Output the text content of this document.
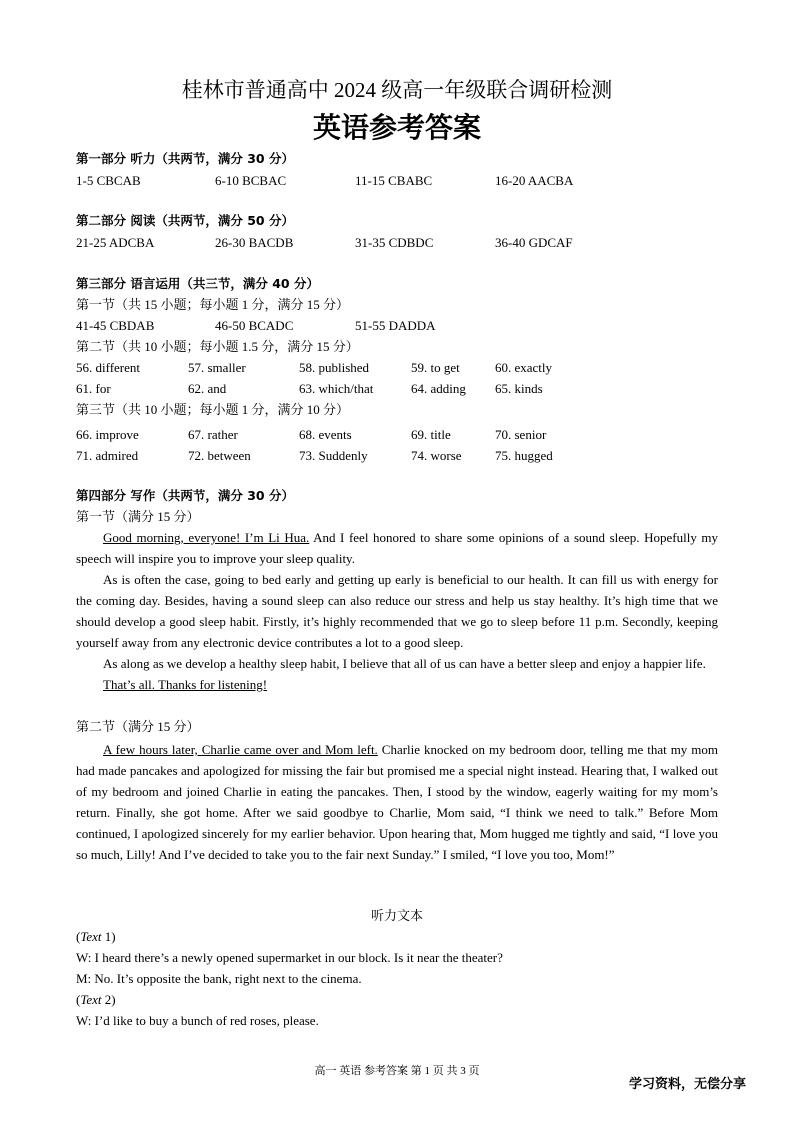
桂林市普通高中 2024 级高一年级联合调研检测
英语参考答案
第一部分 听力（共两节，满分 30 分）
1-5 CBCAB	6-10 BCBAC	11-15 CBABC	16-20 AACBA
第二部分 阅读（共两节，满分 50 分）
21-25 ADCBA	26-30 BACDB	31-35 CDBDC	36-40 GDCAF
第三部分 语言运用（共三节，满分 40 分）
第一节（共 15 小题；每小题 1 分，满分 15 分）
41-45 CBDAB	46-50 BCADC	51-55 DADDA
第二节（共 10 小题；每小题 1.5 分，满分 15 分）
56. different	57. smaller	58. published	59. to get	60. exactly
61. for	62. and	63. which/that	64. adding 65. kinds
第三节（共 10 小题；每小题 1 分，满分 10 分）
66. improve	67. rather	68. events	69. title	70. senior
71. admired	72. between	73. Suddenly	74. worse	75. hugged
第四部分 写作（共两节，满分 30 分）
第一节（满分 15 分）

Good morning, everyone! I’m Li Hua. And I feel honored to share some opinions of a sound sleep. Hopefully my speech will inspire you to improve your sleep quality.

As is often the case, going to bed early and getting up early is beneficial to our health. It can fill us with energy for the coming day. Besides, having a sound sleep can also reduce our stress and help us stay healthy. It’s high time that we should develop a good sleep habit. Firstly, it’s highly recommended that we go to sleep before 11 p.m. Secondly, keeping yourself away from any electronic device contributes a lot to a good sleep.

As along as we develop a healthy sleep habit, I believe that all of us can have a better sleep and enjoy a happier life.

That’s all. Thanks for listening!

第二节（满分 15 分）

A few hours later, Charlie came over and Mom left. Charlie knocked on my bedroom door, telling me that my mom had made pancakes and apologized for missing the fair but promised me a special night instead. Hearing that, I walked out of my bedroom and joined Charlie in eating the pancakes. Then, I stood by the window, eagerly waiting for my mom’s return. Finally, she got home. After we said goodbye to Charlie, Mom said, “I think we need to talk.” Before Mom continued, I apologized sincerely for my earlier behavior. Upon hearing that, Mom hugged me tightly and said, “I love you so much, Lilly! And I’ve decided to take you to the fair next Sunday.” I smiled, “I love you too, Mom!”

听力文本
(Text 1)
W: I heard there’s a newly opened supermarket in our block. Is it near the theater?
M: No. It’s opposite the bank, right next to the cinema.
(Text 2)
W: I’d like to buy a bunch of red roses, please.
高一 英语 参考答案 第 1 页 共 3 页
学习资料，无偿分享
